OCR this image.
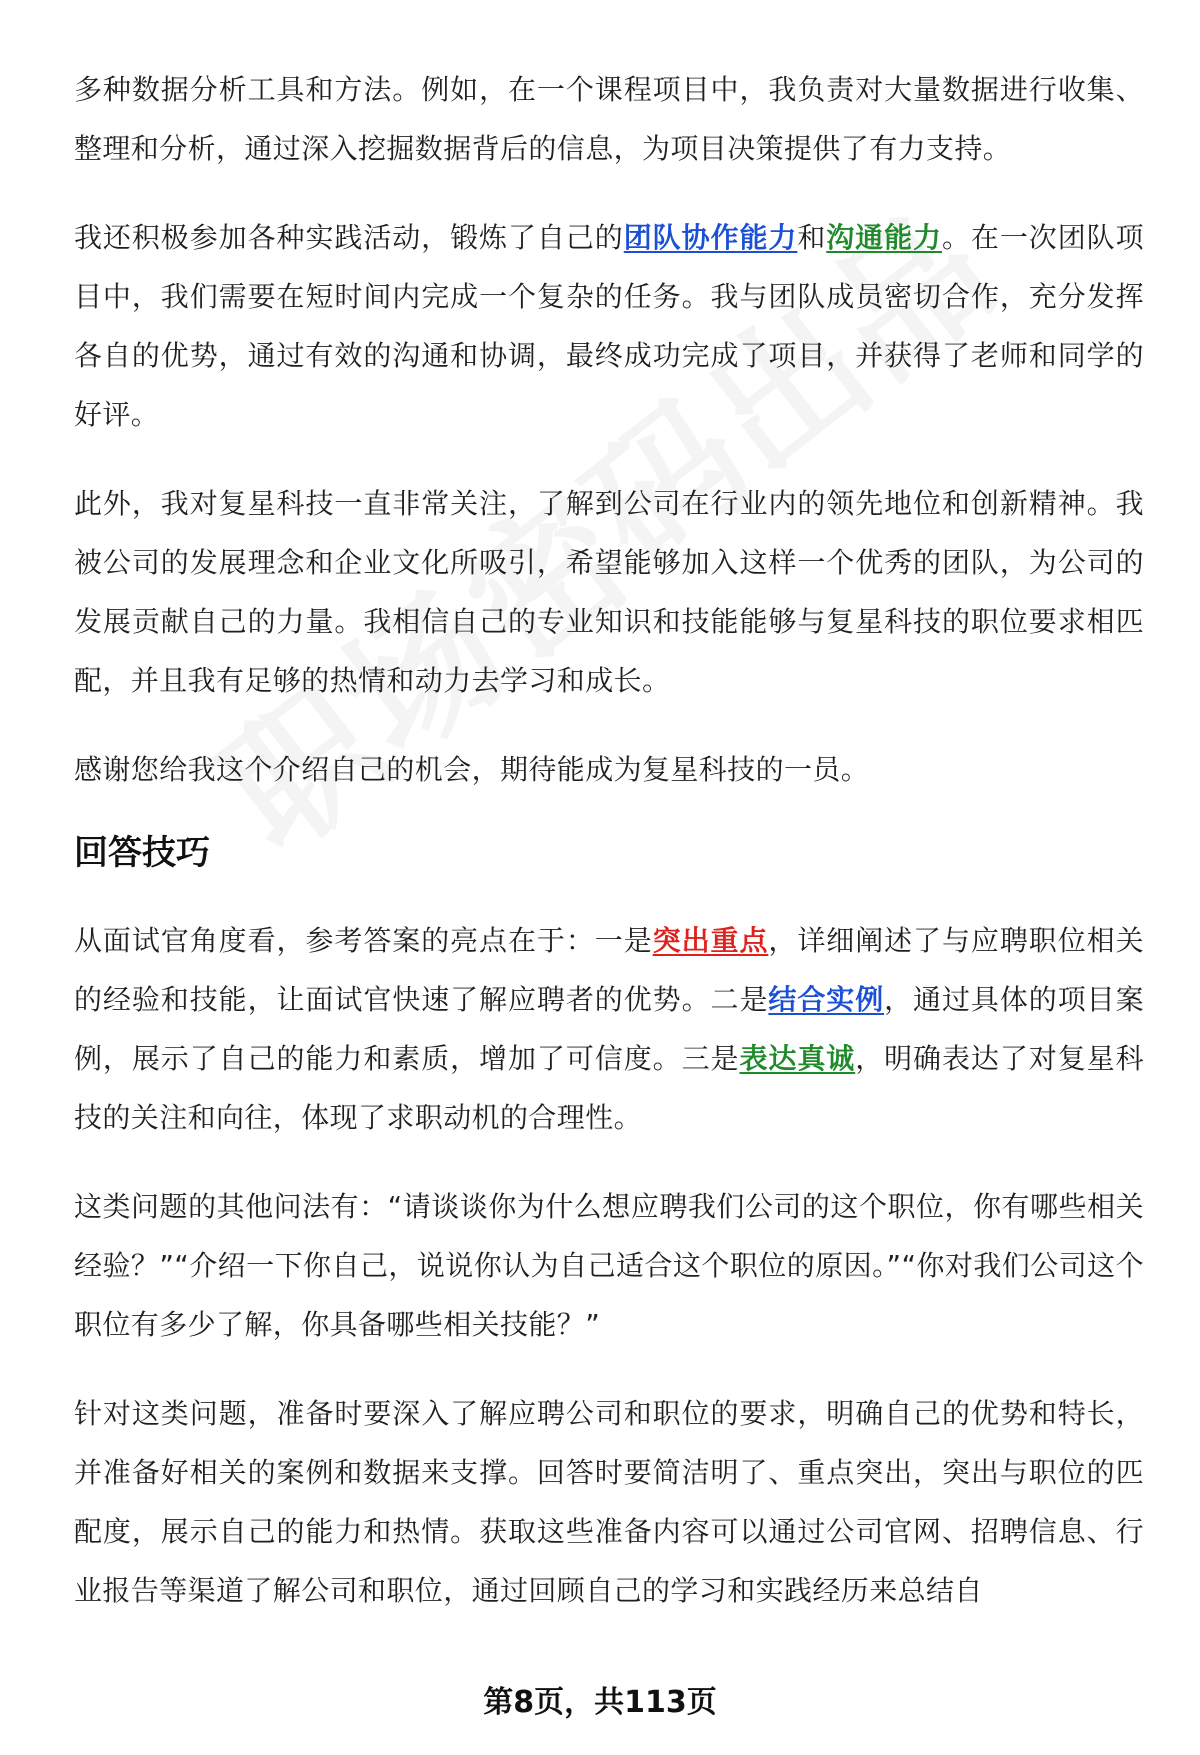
多种数据分析工具和方法。例如，在一个课程项目中，我负责对大量数据进行收集、整理和分析，通过深入挖掘数据背后的信息，为项目决策提供了有力支持。

我还积极参加各种实践活动，锻炼了自己的团队协作能力和沟通能力。在一次团队项目中，我们需要在短时间内完成一个复杂的任务。我与团队成员密切合作，充分发挥各自的优势，通过有效的沟通和协调，最终成功完成了项目，并获得了老师和同学的好评。

此外，我对复星科技一直非常关注，了解到公司在行业内的领先地位和创新精神。我被公司的发展理念和企业文化所吸引，希望能够加入这样一个优秀的团队，为公司的发展贡献自己的力量。我相信自己的专业知识和技能能够与复星科技的职位要求相匹配，并且我有足够的热情和动力去学习和成长。

感谢您给我这个介绍自己的机会，期待能成为复星科技的一员。

回答技巧

从面试官角度看，参考答案的亮点在于：一是突出重点，详细阐述了与应聘职位相关的经验和技能，让面试官快速了解应聘者的优势。二是结合实例，通过具体的项目案例，展示了自己的能力和素质，增加了可信度。三是表达真诚，明确表达了对复星科技的关注和向往，体现了求职动机的合理性。

这类问题的其他问法有：“请谈谈你为什么想应聘我们公司的这个职位，你有哪些相关经验？”“介绍一下你自己，说说你认为自己适合这个职位的原因。”“你对我们公司这个职位有多少了解，你具备哪些相关技能？”

针对这类问题，准备时要深入了解应聘公司和职位的要求，明确自己的优势和特长，并准备好相关的案例和数据来支撑。回答时要简洁明了、重点突出，突出与职位的匹配度，展示自己的能力和热情。获取这些准备内容可以通过公司官网、招聘信息、行业报告等渠道了解公司和职位，通过回顾自己的学习和实践经历来总结自

第8页，共113页
